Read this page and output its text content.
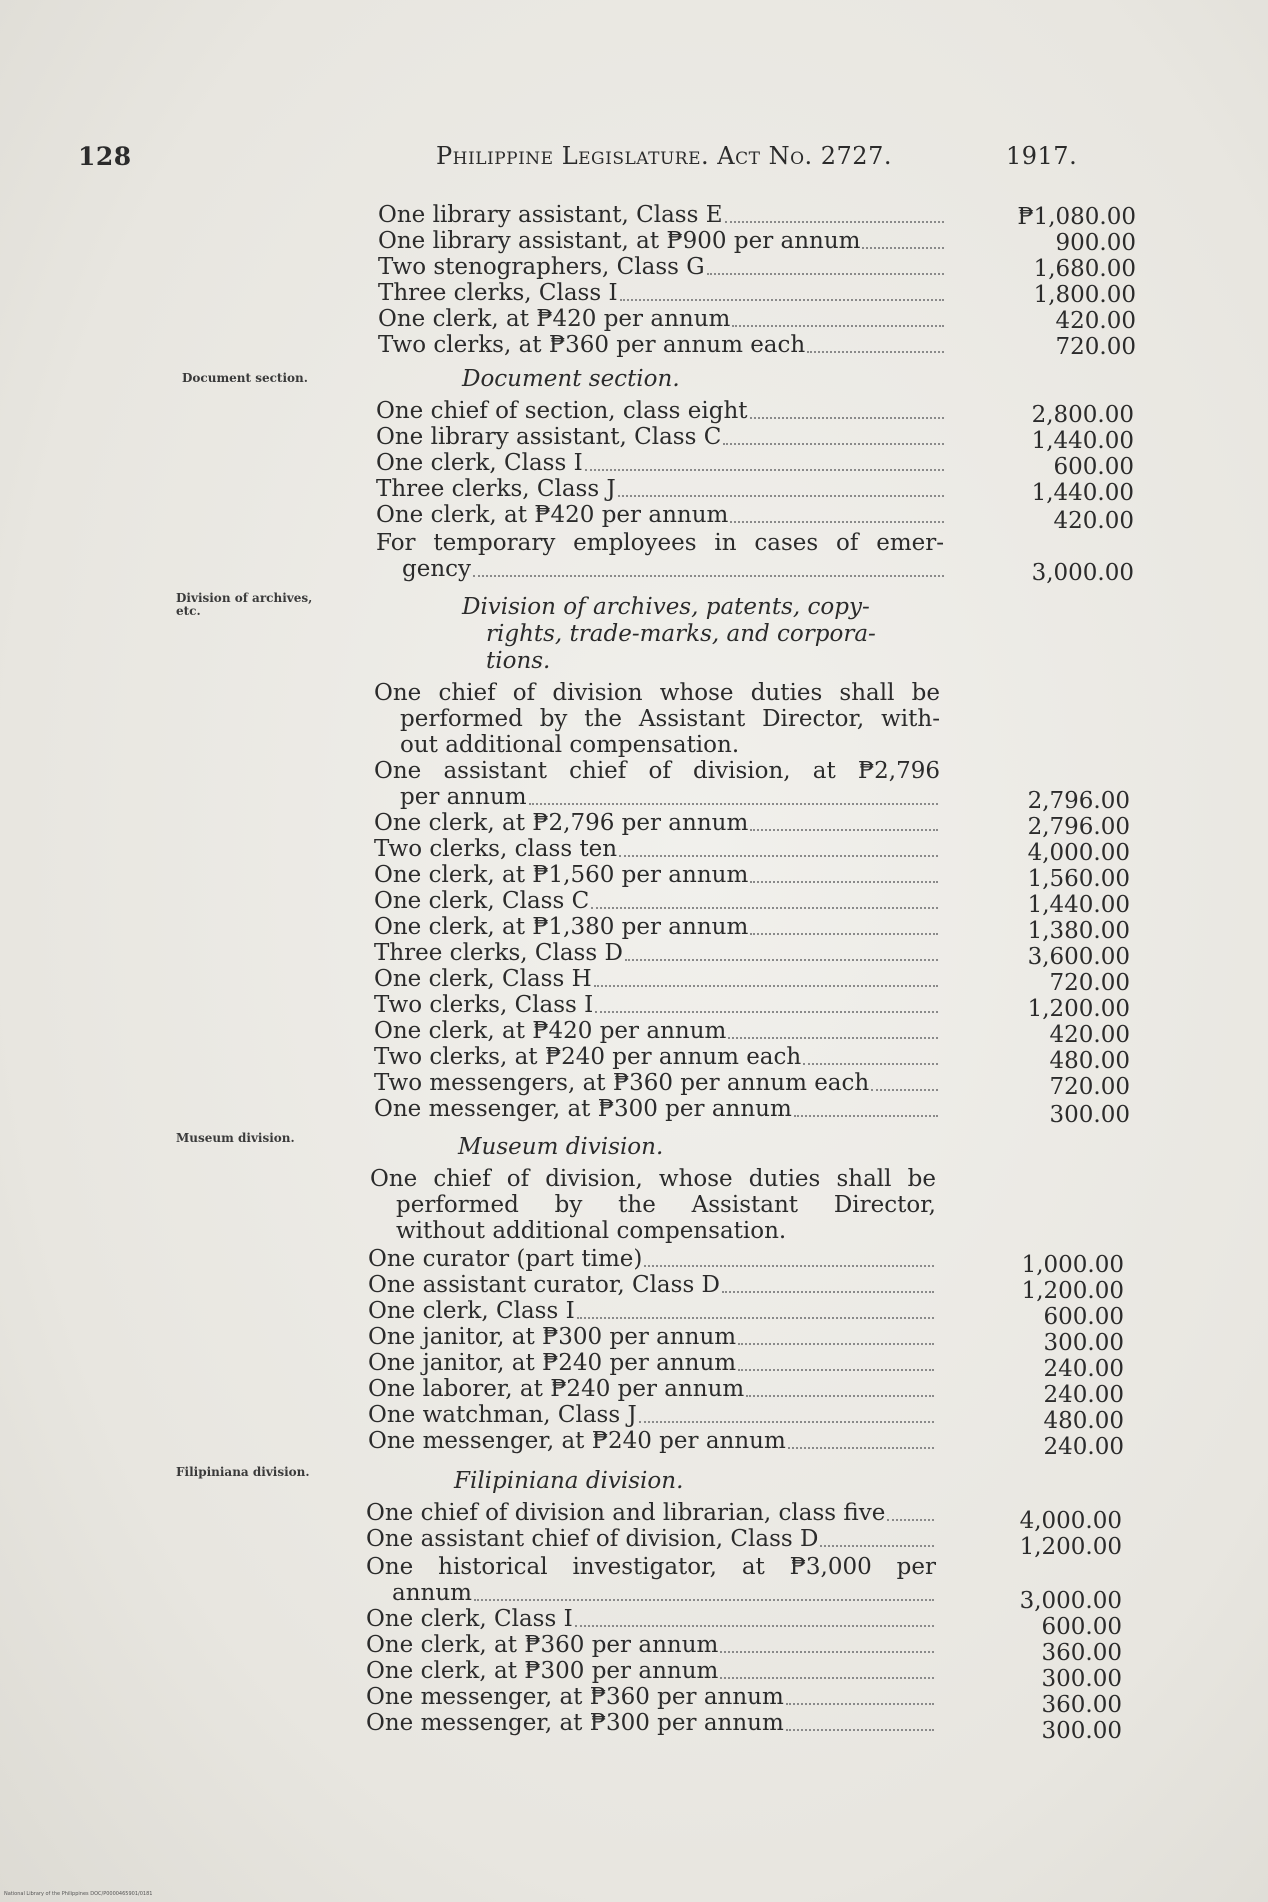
128	Philippine Legislature. Act No. 2727.	1917.
One library assistant, Class E	₱1,080.00
One library assistant, at ₱900 per annum	900.00
Two stenographers, Class G	1,680.00
Three clerks, Class I	1,800.00
One clerk, at ₱420 per annum	420.00
Two clerks, at ₱360 per annum each	720.00
Document section.	Document section.
One chief of section, class eight	2,800.00
One library assistant, Class C	1,440.00
One clerk, Class I	600.00
Three clerks, Class J	1,440.00
One clerk, at ₱420 per annum	420.00
For temporary employees in cases of emer-
gency	3,000.00
Division of archives,
etc.	Division of archives, patents, copy-
rights, trade-marks, and corpora-
tions.
One chief of division whose duties shall be
performed by the Assistant Director, with-
out additional compensation.
One assistant chief of division, at ₱2,796
per annum	2,796.00
One clerk, at ₱2,796 per annum	2,796.00
Two clerks, class ten	4,000.00
One clerk, at ₱1,560 per annum	1,560.00
One clerk, Class C	1,440.00
One clerk, at ₱1,380 per annum	1,380.00
Three clerks, Class D	3,600.00
One clerk, Class H	720.00
Two clerks, Class I	1,200.00
One clerk, at ₱420 per annum	420.00
Two clerks, at ₱240 per annum each	480.00
Two messengers, at ₱360 per annum each	720.00
One messenger, at ₱300 per annum	300.00
Museum division.	Museum division.
One chief of division, whose duties shall be
performed by the Assistant Director,
without additional compensation.
One curator (part time)	1,000.00
One assistant curator, Class D	1,200.00
One clerk, Class I	600.00
One janitor, at ₱300 per annum	300.00
One janitor, at ₱240 per annum	240.00
One laborer, at ₱240 per annum	240.00
One watchman, Class J	480.00
One messenger, at ₱240 per annum	240.00
Filipiniana division.	Filipiniana division.
One chief of division and librarian, class five	4,000.00
One assistant chief of division, Class D	1,200.00
One historical investigator, at ₱3,000 per
annum	3,000.00
One clerk, Class I	600.00
One clerk, at ₱360 per annum	360.00
One clerk, at ₱300 per annum	300.00
One messenger, at ₱360 per annum	360.00
One messenger, at ₱300 per annum	300.00
National Library of the Philippines DOC/P0000465901/0181
